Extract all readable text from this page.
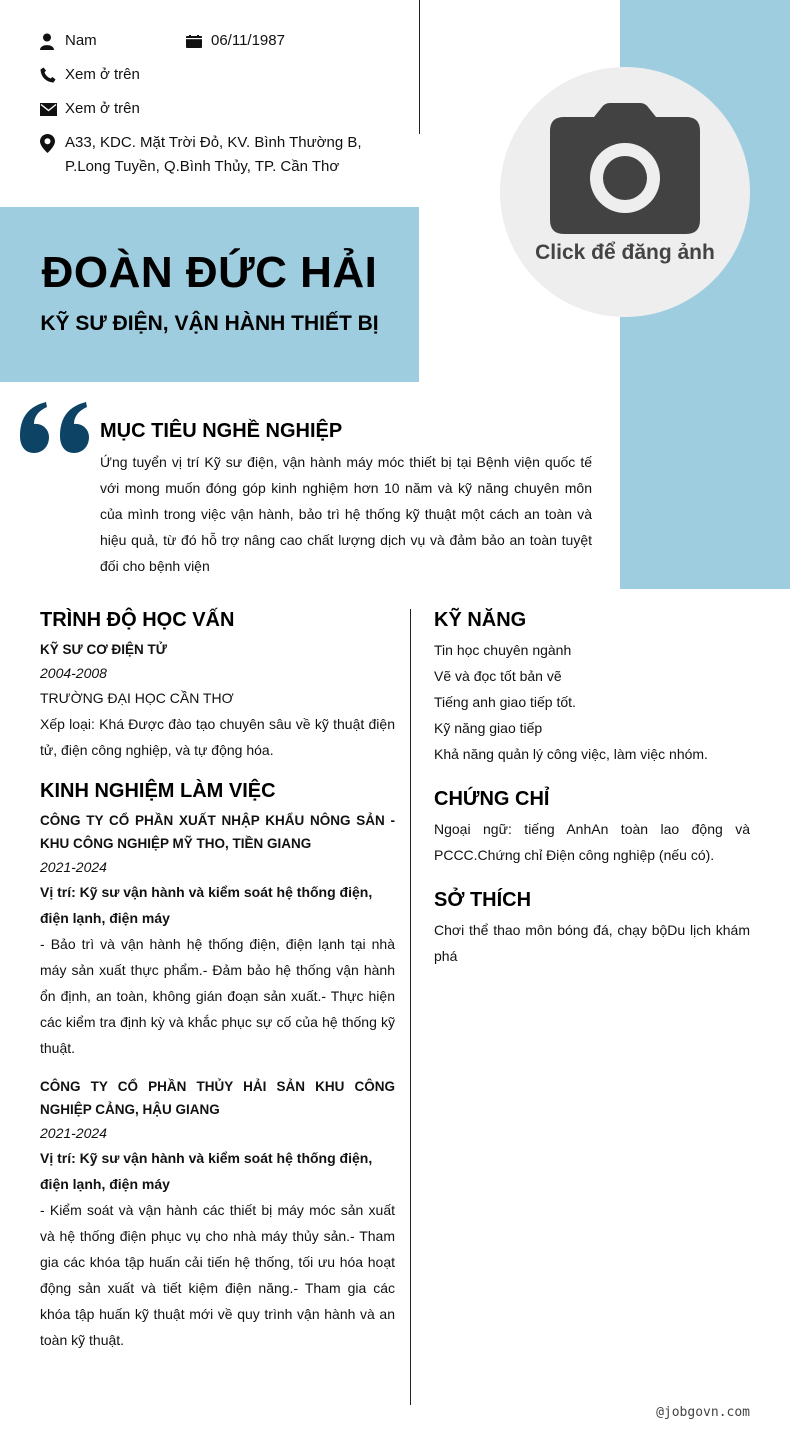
Nam	06/11/1987
Xem ở trên
Xem ở trên
A33, KDC. Mặt Trời Đỏ, KV. Bình Thường B, P.Long Tuyền, Q.Bình Thủy, TP. Cần Thơ
Click để đăng ảnh
ĐOÀN ĐỨC HẢI
KỸ SƯ ĐIỆN, VẬN HÀNH THIẾT BỊ
MỤC TIÊU NGHỀ NGHIỆP
Ứng tuyển vị trí Kỹ sư điện, vận hành máy móc thiết bị tại Bệnh viện quốc tế với mong muốn đóng góp kinh nghiệm hơn 10 năm và kỹ năng chuyên môn của mình trong việc vận hành, bảo trì hệ thống kỹ thuật một cách an toàn và hiệu quả, từ đó hỗ trợ nâng cao chất lượng dịch vụ và đảm bảo an toàn tuyệt đối cho bệnh viện
TRÌNH ĐỘ HỌC VẤN

KỸ SƯ CƠ ĐIỆN TỬ

2004-2008

TRƯỜNG ĐẠI HỌC CẦN THƠ

Xếp loại: Khá Được đào tạo chuyên sâu về kỹ thuật điện tử, điện công nghiệp, và tự động hóa.

KINH NGHIỆM LÀM VIỆC

CÔNG TY CỔ PHẦN XUẤT NHẬP KHẨU NÔNG SẢN - KHU CÔNG NGHIỆP MỸ THO, TIỀN GIANG

2021-2024

Vị trí: Kỹ sư vận hành và kiểm soát hệ thống điện, điện lạnh, điện máy

- Bảo trì và vận hành hệ thống điện, điện lạnh tại nhà máy sản xuất thực phẩm.- Đảm bảo hệ thống vận hành ổn định, an toàn, không gián đoạn sản xuất.- Thực hiện các kiểm tra định kỳ và khắc phục sự cố của hệ thống kỹ thuật.

CÔNG TY CỔ PHẦN THỦY HẢI SẢN KHU CÔNG NGHIỆP CẢNG, HẬU GIANG

2021-2024

Vị trí: Kỹ sư vận hành và kiểm soát hệ thống điện, điện lạnh, điện máy

- Kiểm soát và vận hành các thiết bị máy móc sản xuất và hệ thống điện phục vụ cho nhà máy thủy sản.- Tham gia các khóa tập huấn cải tiến hệ thống, tối ưu hóa hoạt động sản xuất và tiết kiệm điện năng.- Tham gia các khóa tập huấn kỹ thuật mới về quy trình vận hành và an toàn kỹ thuật.

KỸ NĂNG

Tin học chuyên ngành

Vẽ và đọc tốt bản vẽ

Tiếng anh giao tiếp tốt.

Kỹ năng giao tiếp

Khả năng quản lý công việc, làm việc nhóm.

CHỨNG CHỈ

Ngoại ngữ: tiếng AnhAn toàn lao động và PCCC.Chứng chỉ Điện công nghiệp (nếu có).

SỞ THÍCH

Chơi thể thao môn bóng đá, chạy bộDu lịch khám phá

@jobgovn.com
